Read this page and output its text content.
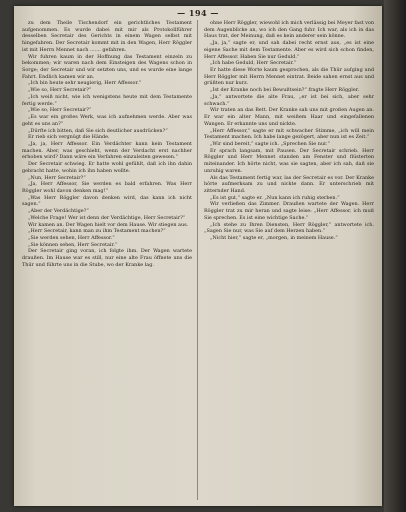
— 194 —

zu dem Theile Tischendorf ein gerichtliches Testament aufgenommen. Es wurde dabei mit mir als Protokollführer desselben Secretair des Gerichts in einem Wagen selbst mit hingefahren. Der Secretair kommt mit in den Wagen, Herr Röggler ist mit Herrn Mennet nach ....... gefahren.

Wir fuhren kaum in der Hoffnung das Testament einzeln zu bekommen; wir waren nach dem Einsteigen des Wagens schon in Sorge; der Secretair und wir setzten uns, und es wurde eine lange Fahrt. Endlich kamen wir an.

„Ich bin heute sehr neugierig, Herr Affessor.“

„Wie so, Herr Secretair?“

„Ich weiß nicht, wie ich wenigstens heute mit dem Testamente fertig werde.“

„Wie so, Herr Secretair?“

„Es war ein großes Werk, was ich aufnehmen werde. Aber was geht es uns an?“

„Dürfte ich bitten, daß Sie sich deutlicher ausdrücken?“

Er rieb sich vergnügt die Hände.

„Ja, ja, Herr Affessor. Ein Verdächter kann kein Testament machen. Aber, was geschieht, wenn der Verdacht erst nachher erhoben wird? Dann wäre ein Verfahren einzuleiten gewesen.“

Der Secretair schwieg. Er hatte wohl gefühlt, daß ich ihn dahin gebracht hatte, wohin ich ihn haben wollte.

„Nun, Herr Secretair?“

„Ja, Herr Affessor, Sie werden es bald erfahren. Was Herr Röggler wohl davon denken mag!“

„Was Herr Röggler davon denken wird, das kann ich nicht sagen.“

„Aber der Verdächtige?“

„Welche Frage! Wer ist denn der Verdächtige, Herr Secretair?“

Wir kamen an. Der Wagen hielt vor dem Hause. Wir stiegen aus.

„Herr Secretair, kann man zu ihm Testament machen?“

„Sie werden sehen, Herr Affessor.“

„Sie können sehen, Herr Secretair.“

Der Secretair ging voran, ich folgte ihm. Der Wagen wartete draußen. Im Hause war es still, nur eine alte Frau öffnete uns die Thür und führte uns in die Stube, wo der Kranke lag.

ohne Herr Röggler, wiewohl ich mich verlässig bei Meyer fast von dem Augenblicke an, wo ich den Gang fuhr. Ich war, als ich in das Haus trat, der Meinung, daß es kein anderer sein könne.

„Ja, ja,“ sagte er, und sah dabei recht ernst aus, „es ist eine eigene Sache mit dem Testamente. Aber es wird sich schon finden, Herr Affessor. Haben Sie nur Geduld.“

„Ich habe Geduld, Herr Secretair.“

Er hatte diese Worte kaum gesprochen, als die Thür aufging und Herr Röggler mit Herrn Mennet eintrat. Beide sahen ernst aus und grüßten nur kurz.

„Ist der Kranke noch bei Bewußtsein?“ fragte Herr Röggler.

„Ja,“ antwortete die alte Frau, „er ist bei sich, aber sehr schwach.“

Wir traten an das Bett. Der Kranke sah uns mit großen Augen an. Er war ein alter Mann, mit weißem Haar und eingefallenen Wangen. Er erkannte uns und nickte.

„Herr Affessor,“ sagte er mit schwacher Stimme, „ich will mein Testament machen. Ich habe lange gezögert, aber nun ist es Zeit.“

„Wir sind bereit,“ sagte ich. „Sprechen Sie nur.“

Er sprach langsam, mit Pausen. Der Secretair schrieb. Herr Röggler und Herr Mennet standen am Fenster und flüsterten miteinander. Ich hörte nicht, was sie sagten, aber ich sah, daß sie unruhig waren.

Als das Testament fertig war, las der Secretair es vor. Der Kranke hörte aufmerksam zu und nickte dann. Er unterschrieb mit zitternder Hand.

„Es ist gut,“ sagte er. „Nun kann ich ruhig sterben.“

Wir verließen das Zimmer. Draußen wartete der Wagen. Herr Röggler trat zu mir heran und sagte leise: „Herr Affessor, ich muß Sie sprechen. Es ist eine wichtige Sache.“

„Ich stehe zu Ihren Diensten, Herr Röggler,“ antwortete ich. „Sagen Sie nur, was Sie auf dem Herzen haben.“

„Nicht hier,“ sagte er, „morgen, in meinem Hause.“
